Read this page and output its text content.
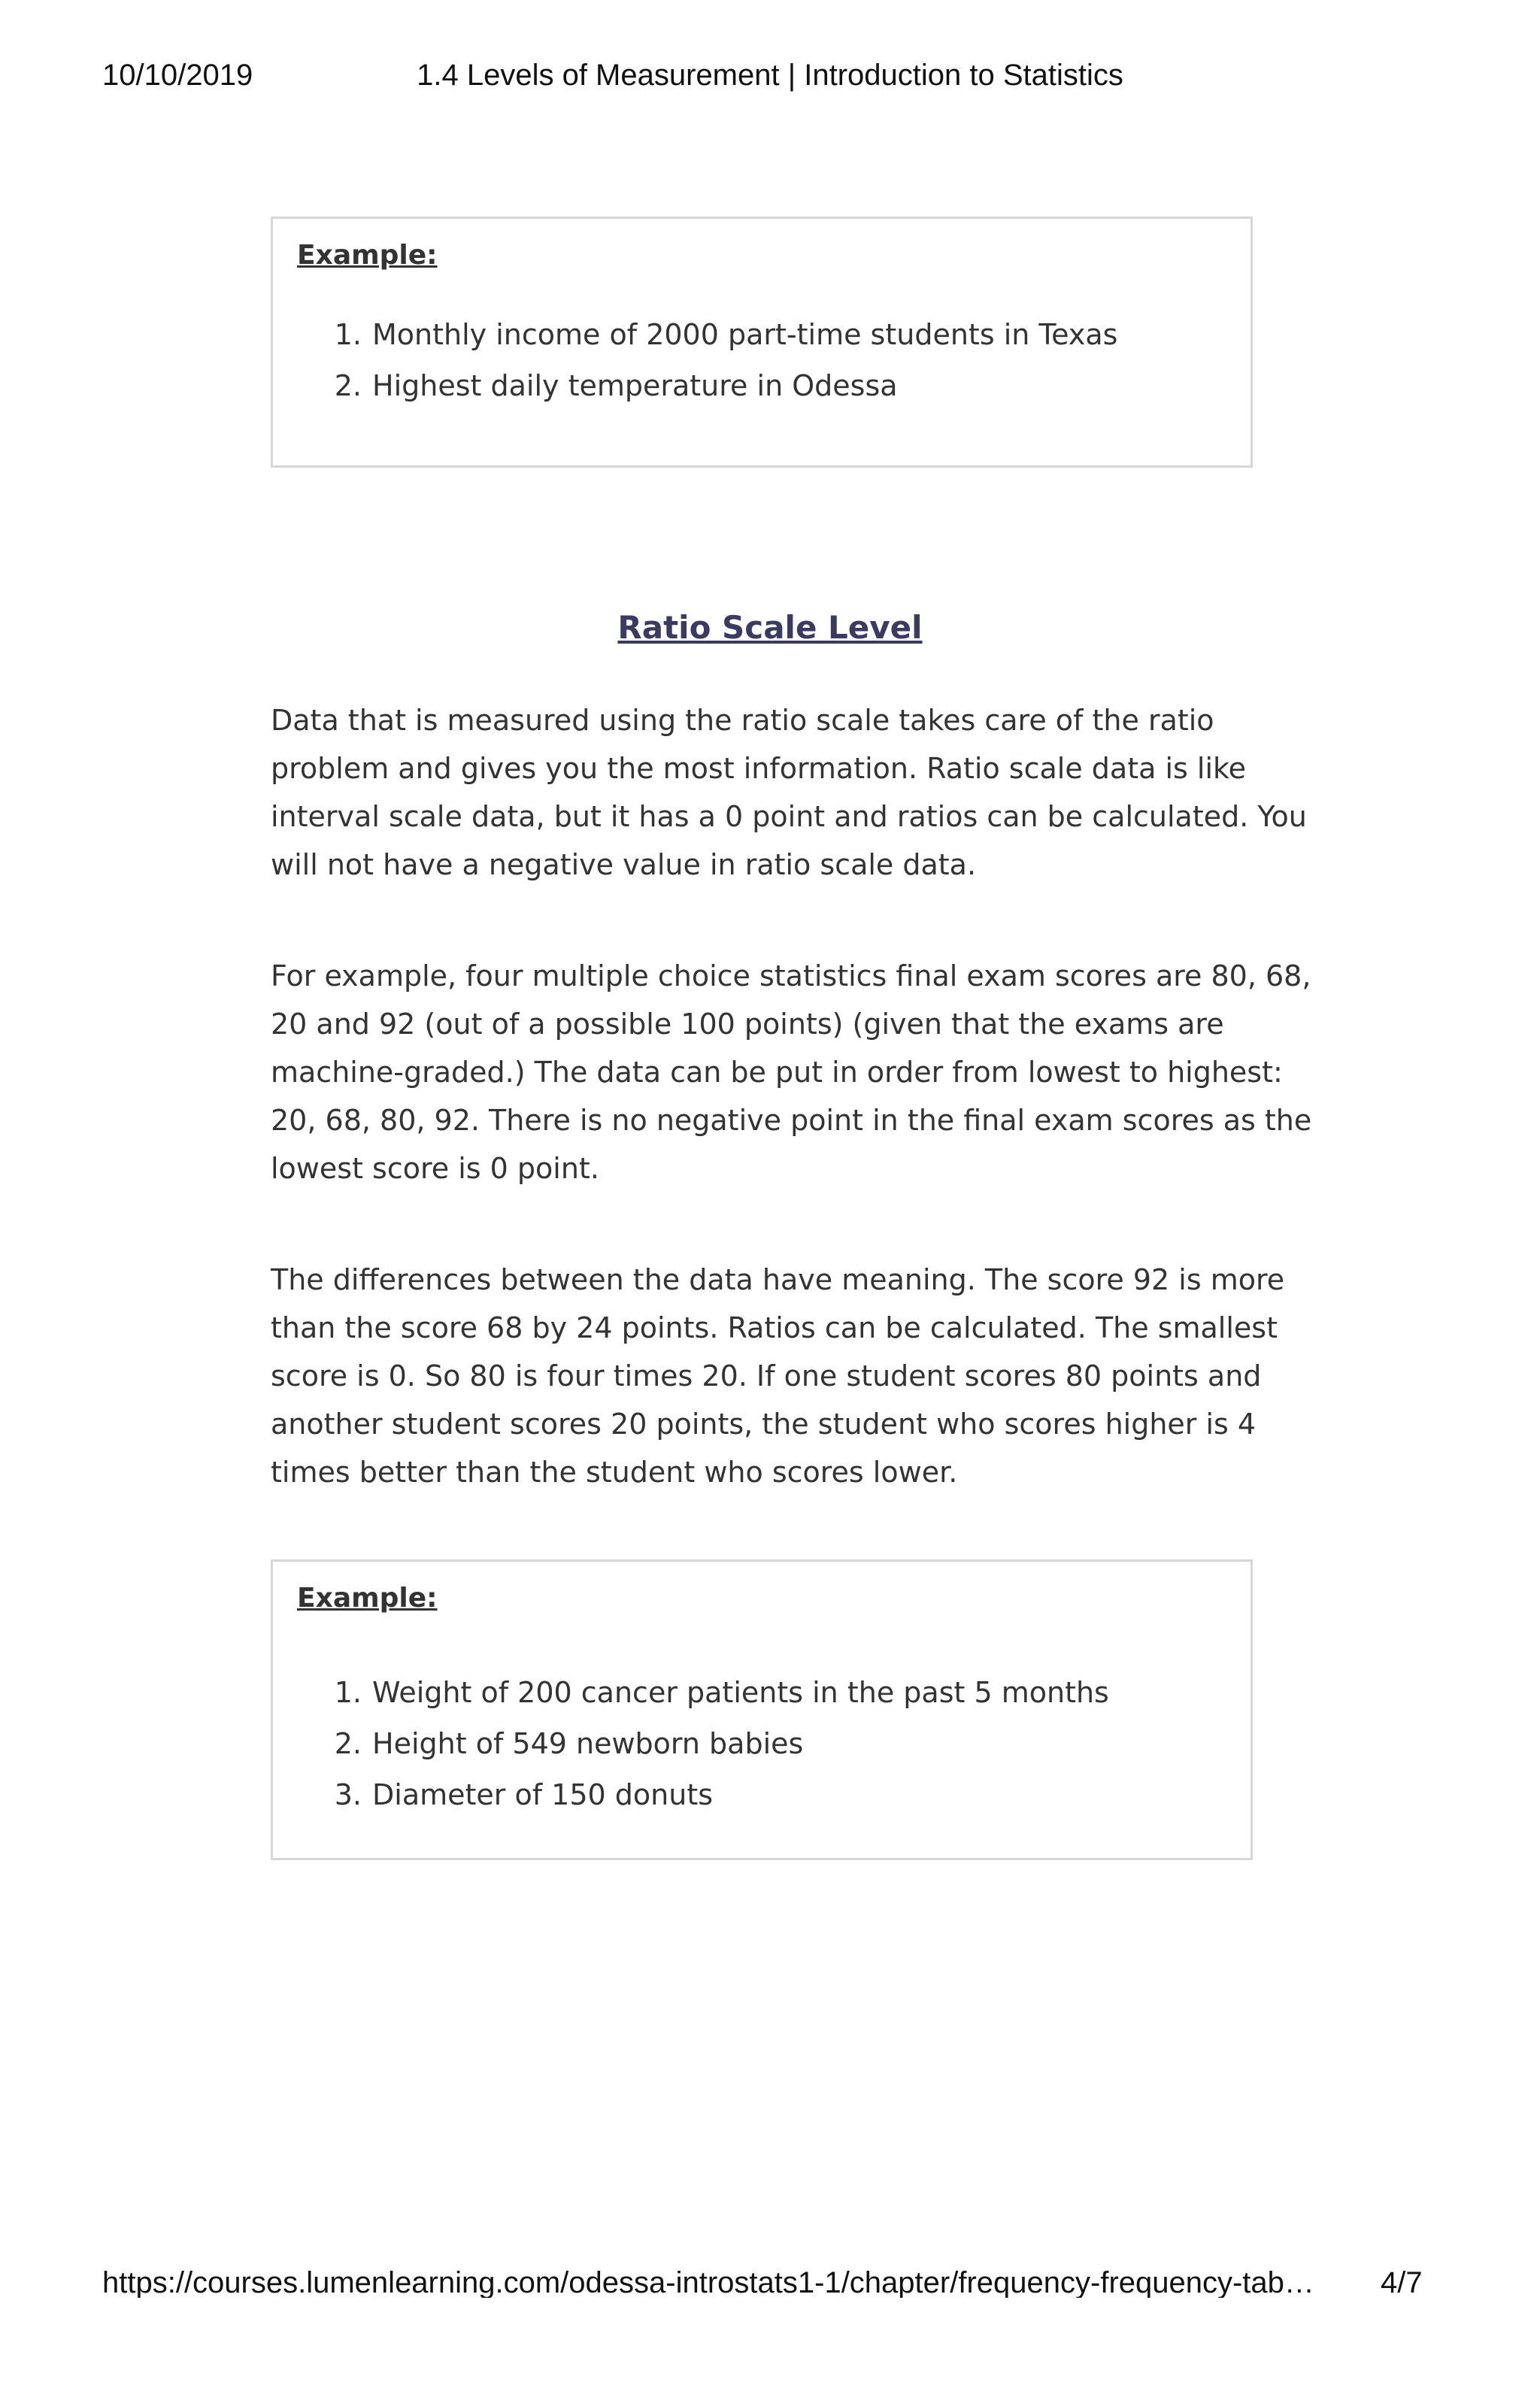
10/10/2019	1.4 Levels of Measurement | Introduction to Statistics
Example:
1. Monthly income of 2000 part-time students in Texas
2. Highest daily temperature in Odessa
Ratio Scale Level

Data that is measured using the ratio scale takes care of the ratio
problem and gives you the most information. Ratio scale data is like
interval scale data, but it has a 0 point and ratios can be calculated. You
will not have a negative value in ratio scale data.

For example, four multiple choice statistics final exam scores are 80, 68,
20 and 92 (out of a possible 100 points) (given that the exams are
machine-graded.) The data can be put in order from lowest to highest:
20, 68, 80, 92. There is no negative point in the final exam scores as the
lowest score is 0 point.

The differences between the data have meaning. The score 92 is more
than the score 68 by 24 points. Ratios can be calculated. The smallest
score is 0. So 80 is four times 20. If one student scores 80 points and
another student scores 20 points, the student who scores higher is 4
times better than the student who scores lower.

Example:
1. Weight of 200 cancer patients in the past 5 months
2. Height of 549 newborn babies
3. Diameter of 150 donuts
https://courses.lumenlearning.com/odessa-introstats1-1/chapter/frequency-frequency-tab…	4/7
